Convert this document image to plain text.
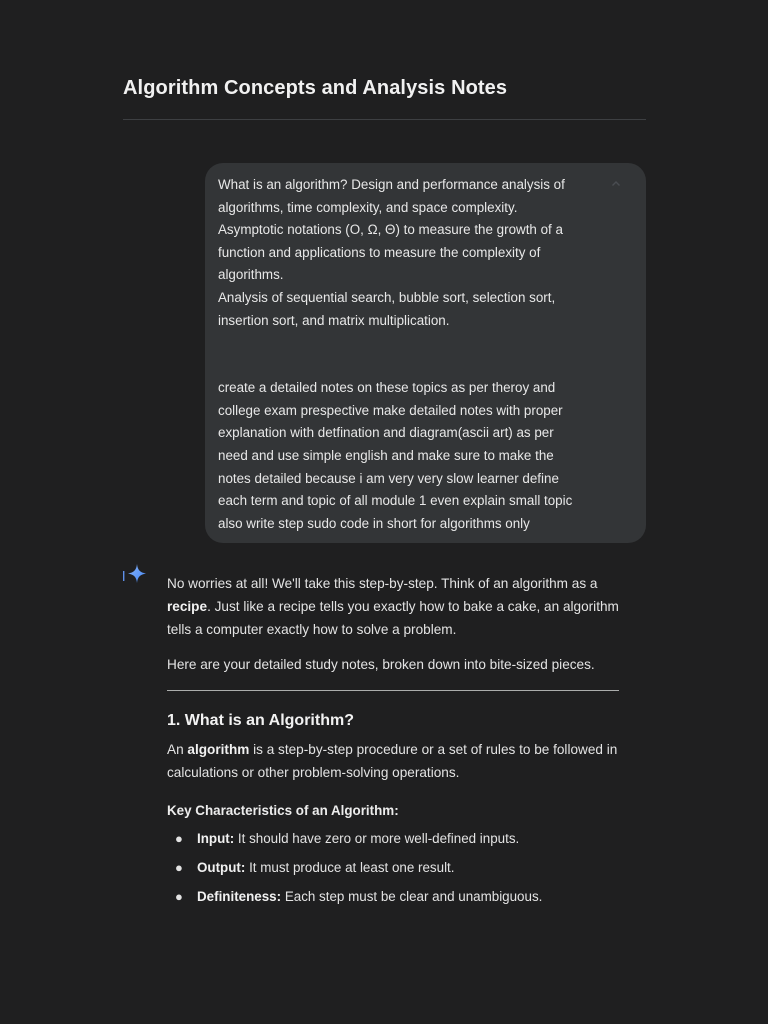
Algorithm Concepts and Analysis Notes

What is an algorithm? Design and performance analysis of

algorithms, time complexity, and space complexity.

Asymptotic notations (O, Ω, Θ) to measure the growth of a

function and applications to measure the complexity of

algorithms.

Analysis of sequential search, bubble sort, selection sort,

insertion sort, and matrix multiplication.

create a detailed notes on these topics as per theroy and

college exam prespective make detailed notes with proper

explanation with detfination and diagram(ascii art) as per

need and use simple english and make sure to make the

notes detailed because i am very very slow learner define

each term and topic of all module 1 even explain small topic

also write step sudo code in short for algorithms only

No worries at all! We'll take this step-by-step. Think of an algorithm as a recipe. Just like a recipe tells you exactly how to bake a cake, an algorithm tells a computer exactly how to solve a problem.

Here are your detailed study notes, broken down into bite-sized pieces.

1. What is an Algorithm?

An algorithm is a step-by-step procedure or a set of rules to be followed in calculations or other problem-solving operations.

Key Characteristics of an Algorithm:
● Input: It should have zero or more well-defined inputs.
● Output: It must produce at least one result.
● Definiteness: Each step must be clear and unambiguous.
